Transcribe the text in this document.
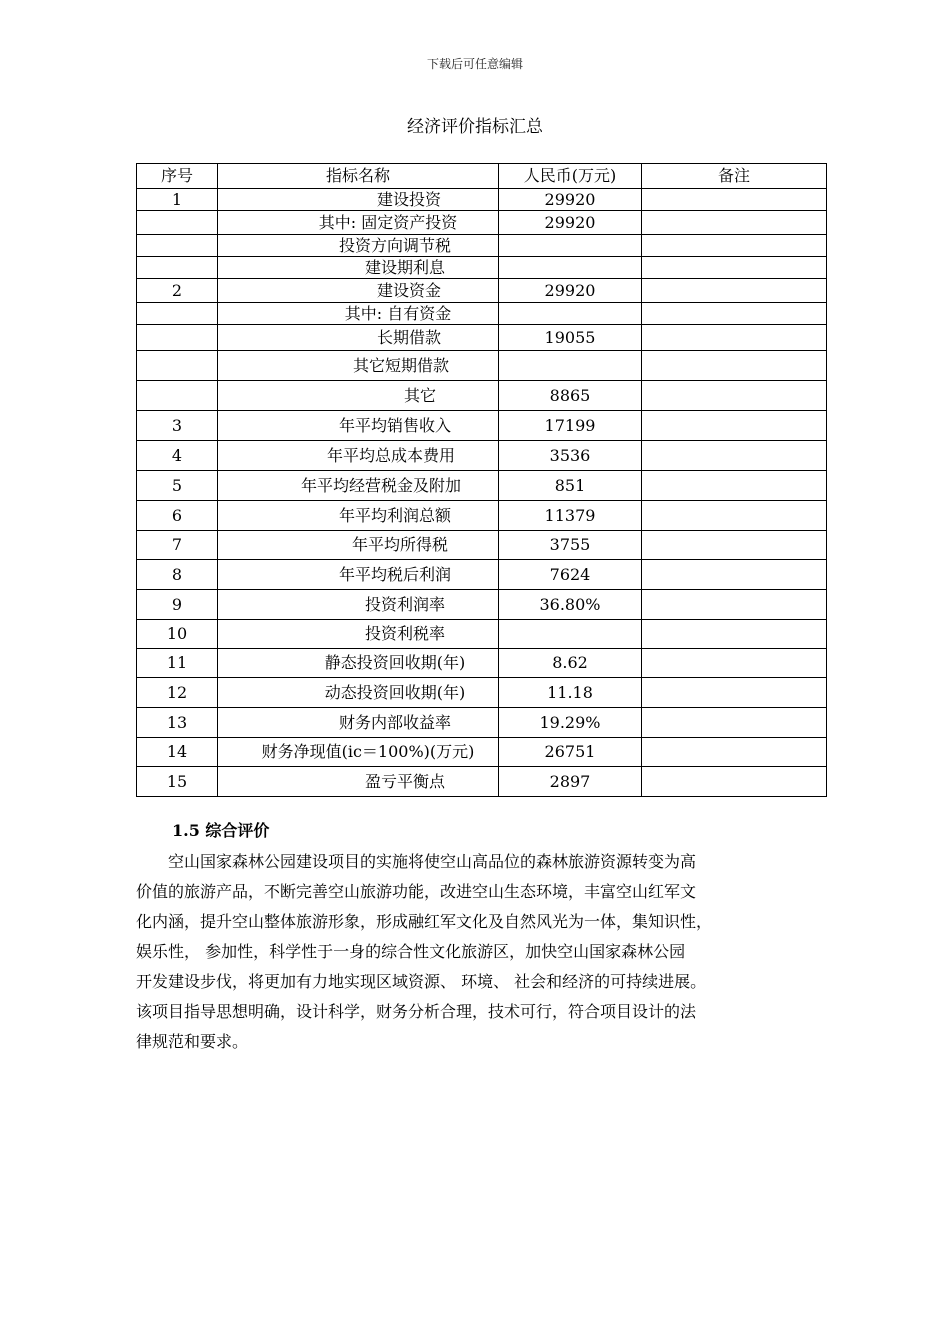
下载后可任意编辑
经济评价指标汇总
序号	指标名称	人民币(万元)	备注
1	建设投资	29920	
	其中: 固定资产投资	29920	
	投资方向调节税		
	建设期利息		
2	建设资金	29920	
	其中: 自有资金		
	长期借款	19055	
	其它短期借款		
	其它	8865	
3	年平均销售收入	17199	
4	年平均总成本费用	3536	
5	年平均经营税金及附加	851	
6	年平均利润总额	11379	
7	年平均所得税	3755	
8	年平均税后利润	7624	
9	投资利润率	36.80%	
10	投资利税率		
11	静态投资回收期(年)	8.62	
12	动态投资回收期(年)	11.18	
13	财务内部收益率	19.29%	
14	财务净现值(ic＝100%)(万元)	26751	
15	盈亏平衡点	2897	
1.5 综合评价

　　空山国家森林公园建设项目的实施将使空山高品位的森林旅游资源转变为高
价值的旅游产品，不断完善空山旅游功能，改进空山生态环境，丰富空山红军文
化内涵，提升空山整体旅游形象，形成融红军文化及自然风光为一体，集知识性，
娱乐性， 参加性，科学性于一身的综合性文化旅游区，加快空山国家森林公园
开发建设步伐，将更加有力地实现区域资源、 环境、 社会和经济的可持续进展。
该项目指导思想明确，设计科学，财务分析合理，技术可行，符合项目设计的法
律规范和要求。
